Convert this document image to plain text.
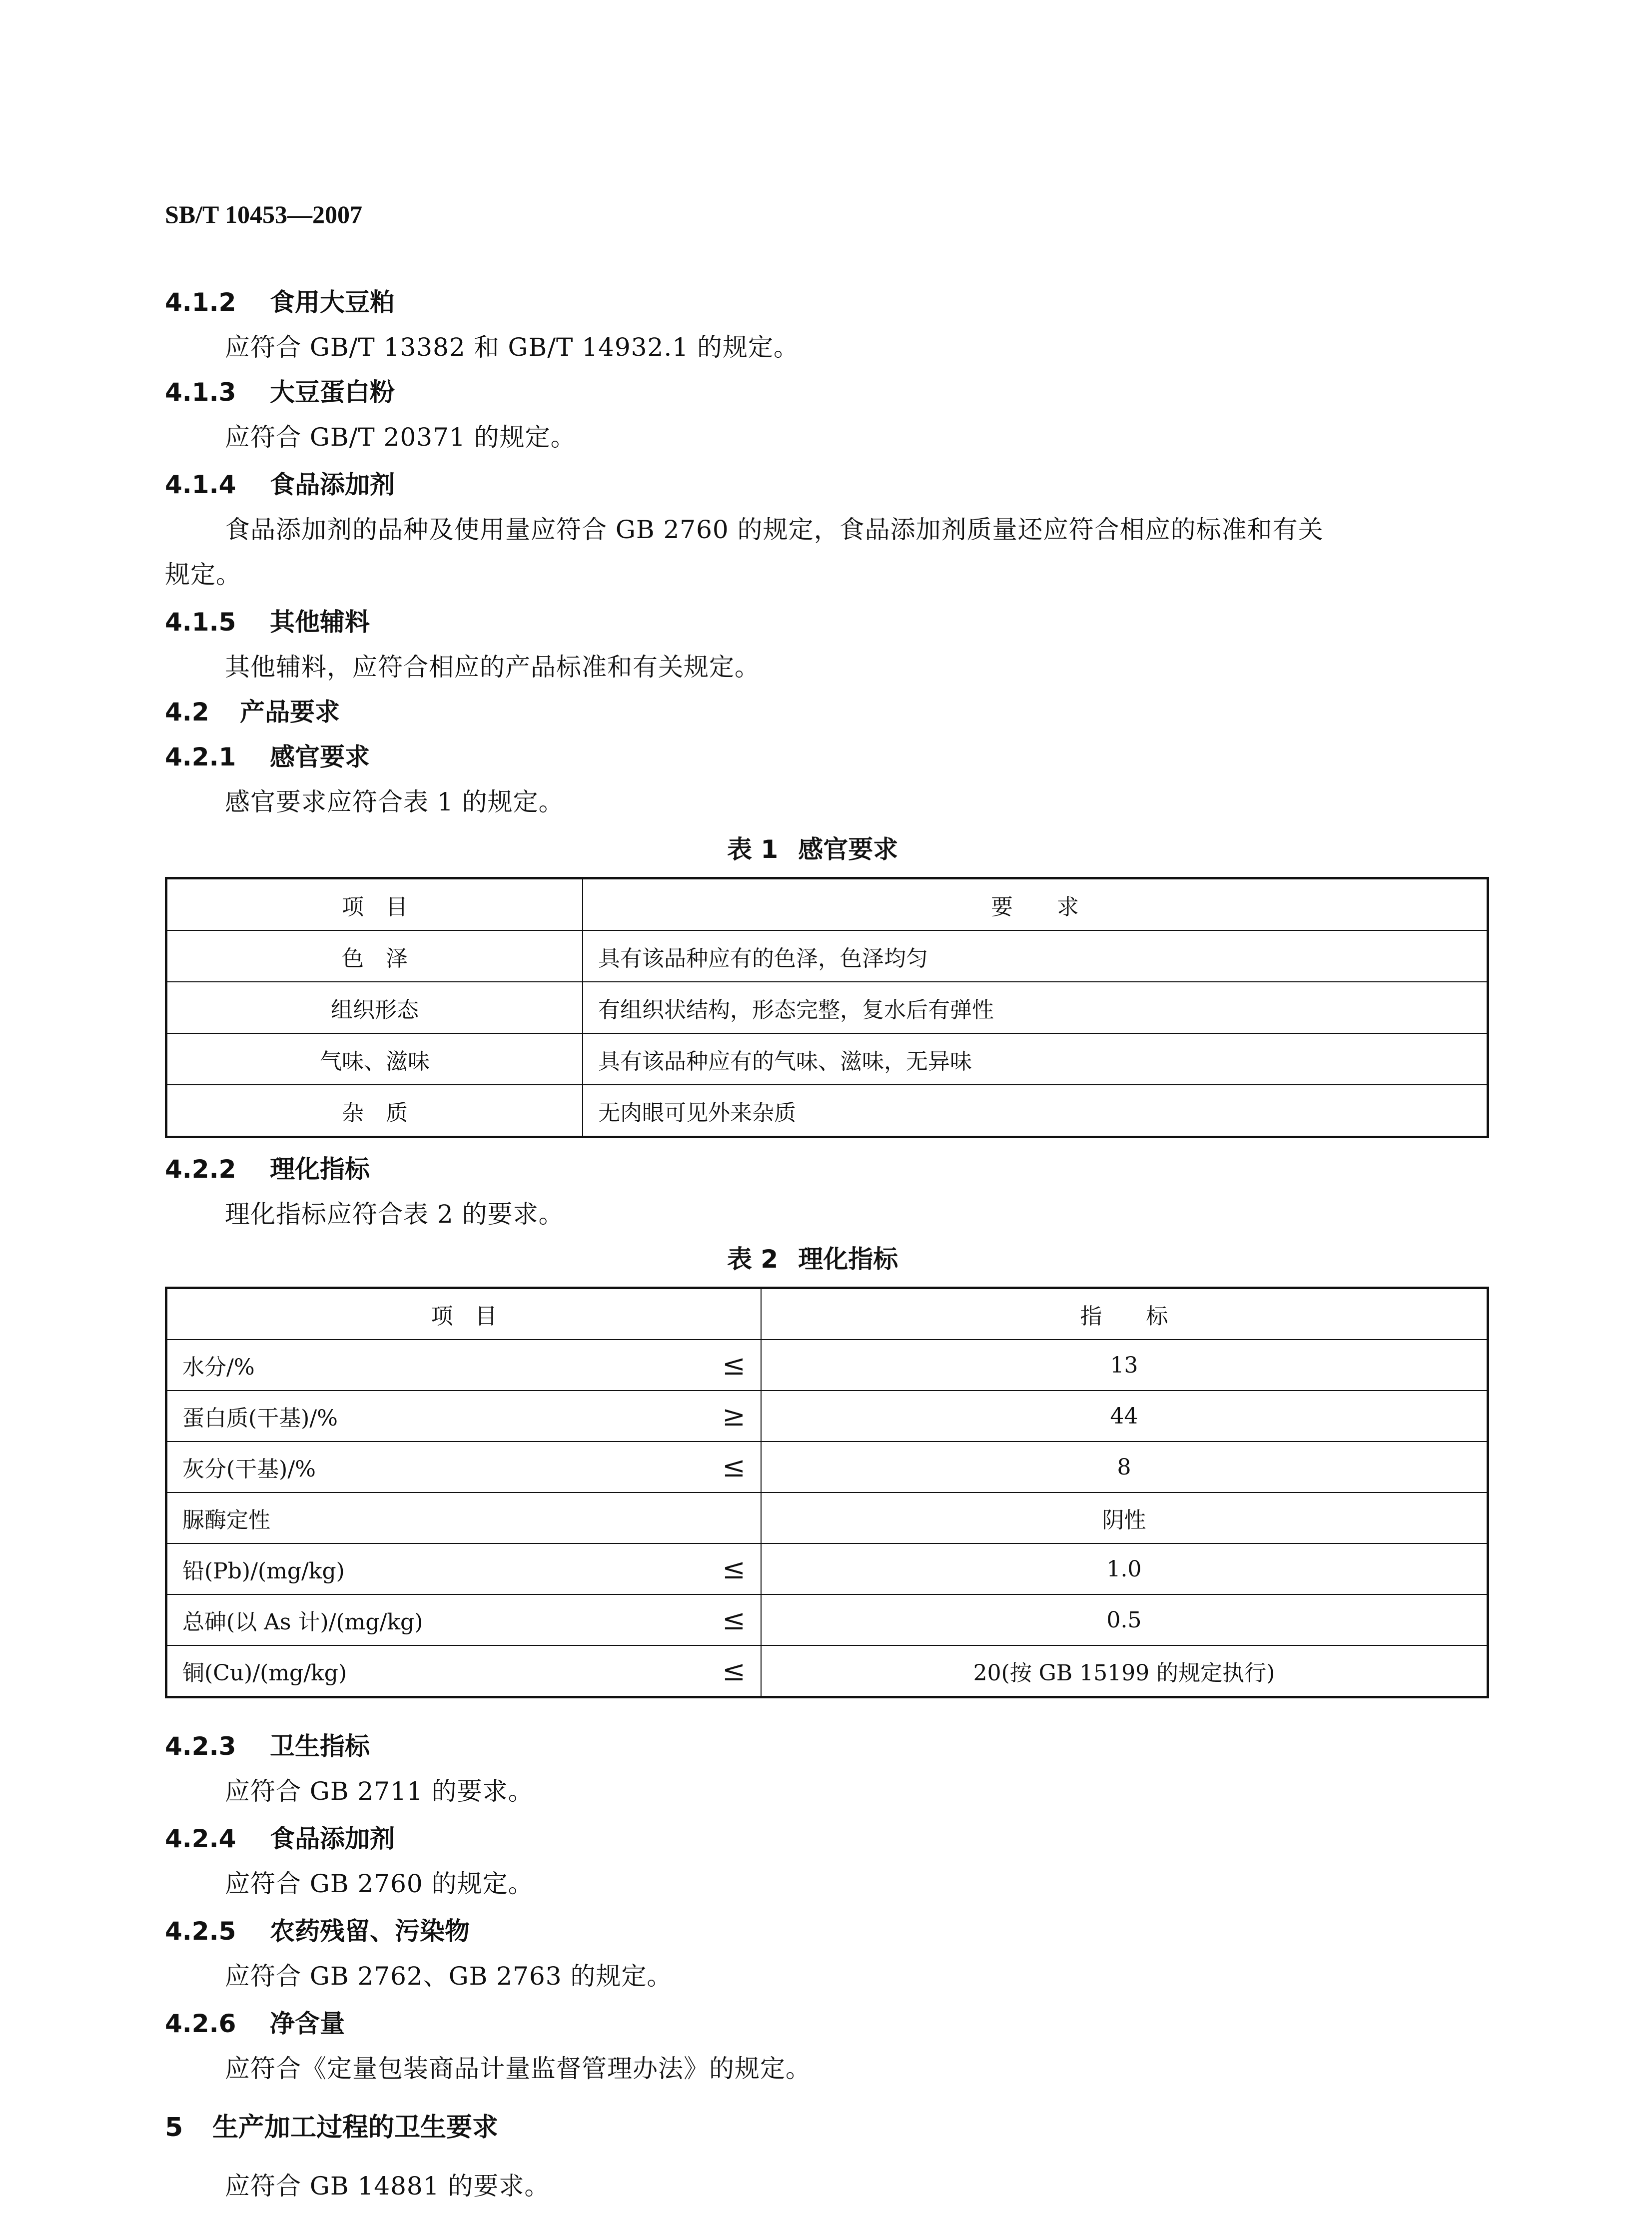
SB/T 10453—2007
4.1.2 食用大豆粕
应符合 GB/T 13382 和 GB/T 14932.1 的规定。
4.1.3 大豆蛋白粉
应符合 GB/T 20371 的规定。
4.1.4 食品添加剂
食品添加剂的品种及使用量应符合 GB 2760 的规定，食品添加剂质量还应符合相应的标准和有关
规定。
4.1.5 其他辅料
其他辅料，应符合相应的产品标准和有关规定。
4.2 产品要求
4.2.1 感官要求
感官要求应符合表 1 的规定。
表 1 感官要求
项　目	要　　求
色　泽	具有该品种应有的色泽，色泽均匀
组织形态	有组织状结构，形态完整，复水后有弹性
气味、滋味	具有该品种应有的气味、滋味，无异味
杂　质	无肉眼可见外来杂质
4.2.2 理化指标
理化指标应符合表 2 的要求。
表 2 理化指标
项　目		指　　标
水分/%	≤	13
蛋白质(干基)/%	≥	44
灰分(干基)/%	≤	8
脲酶定性		阴性
铅(Pb)/(mg/kg)	≤	1.0
总砷(以 As 计)/(mg/kg)	≤	0.5
铜(Cu)/(mg/kg)	≤	20(按 GB 15199 的规定执行)
4.2.3 卫生指标
应符合 GB 2711 的要求。
4.2.4 食品添加剂
应符合 GB 2760 的规定。
4.2.5 农药残留、污染物
应符合 GB 2762、GB 2763 的规定。
4.2.6 净含量
应符合《定量包装商品计量监督管理办法》的规定。
5 生产加工过程的卫生要求
应符合 GB 14881 的要求。
